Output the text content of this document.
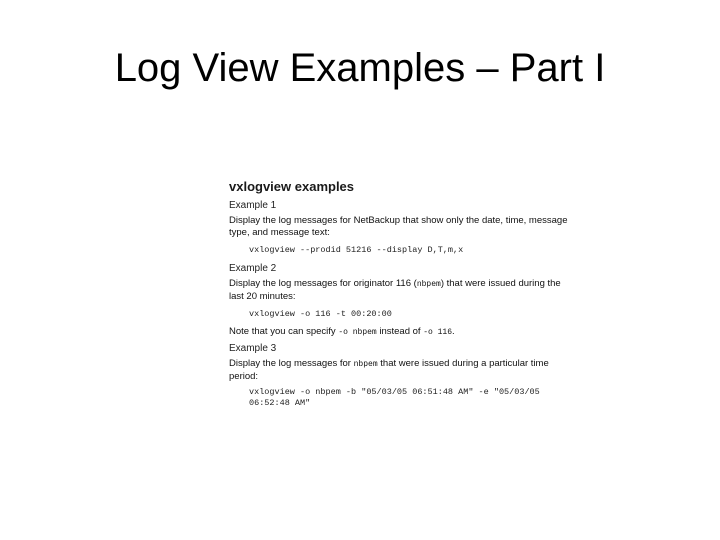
Log View Examples – Part I
vxlogview examples
Example 1
Display the log messages for NetBackup that show only the date, time, message type, and message text:
vxlogview --prodid 51216 --display D,T,m,x
Example 2
Display the log messages for originator 116 (nbpem) that were issued during the last 20 minutes:
vxlogview -o 116 -t 00:20:00
Note that you can specify -o nbpem instead of -o 116.
Example 3
Display the log messages for nbpem that were issued during a particular time period:
vxlogview -o nbpem -b "05/03/05 06:51:48 AM" -e "05/03/05
06:52:48 AM"
